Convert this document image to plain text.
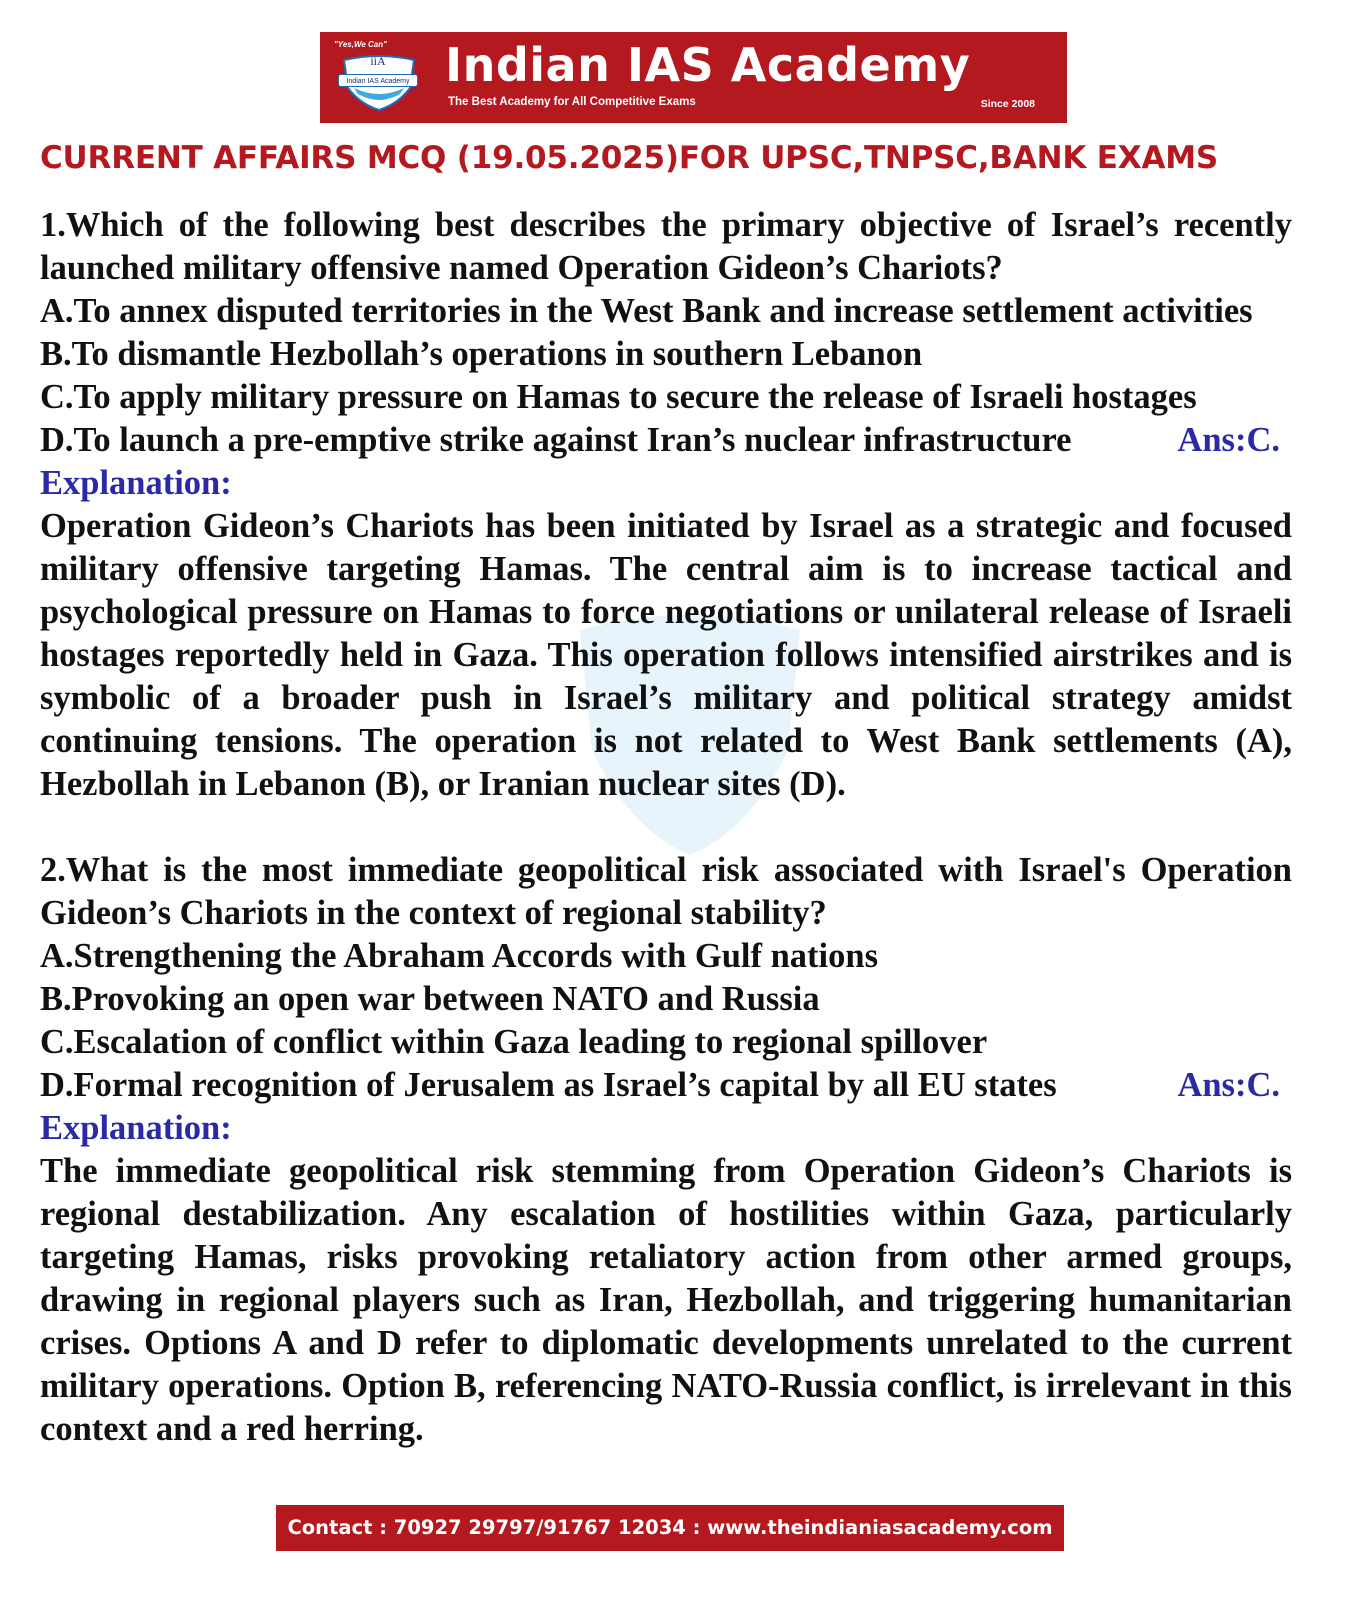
"Yes,We Can"
iiA
Indian IAS Academy Indian IAS Academy
The Best Academy for All Competitive Exams	Since 2008
CURRENT AFFAIRS MCQ (19.05.2025)FOR UPSC,TNPSC,BANK EXAMS
1.Which of the following best describes the primary objective of Israel’s recently launched military offensive named Operation Gideon’s Chariots?
A.To annex disputed territories in the West Bank and increase settlement activities
B.To dismantle Hezbollah’s operations in southern Lebanon
C.To apply military pressure on Hamas to secure the release of Israeli hostages
D.To launch a pre-emptive strike against Iran’s nuclear infrastructure	Ans:C.
Explanation:
Operation Gideon’s Chariots has been initiated by Israel as a strategic and focused military offensive targeting Hamas. The central aim is to increase tactical and psychological pressure on Hamas to force negotiations or unilateral release of Israeli hostages reportedly held in Gaza. This operation follows intensified airstrikes and is symbolic of a broader push in Israel’s military and political strategy amidst continuing tensions. The operation is not related to West Bank settlements (A), Hezbollah in Lebanon (B), or Iranian nuclear sites (D).
2.What is the most immediate geopolitical risk associated with Israel's Operation Gideon’s Chariots in the context of regional stability?
A.Strengthening the Abraham Accords with Gulf nations
B.Provoking an open war between NATO and Russia
C.Escalation of conflict within Gaza leading to regional spillover
D.Formal recognition of Jerusalem as Israel’s capital by all EU states	Ans:C.
Explanation:
The immediate geopolitical risk stemming from Operation Gideon’s Chariots is regional destabilization. Any escalation of hostilities within Gaza, particularly targeting Hamas, risks provoking retaliatory action from other armed groups, drawing in regional players such as Iran, Hezbollah, and triggering humanitarian crises. Options A and D refer to diplomatic developments unrelated to the current military operations. Option B, referencing NATO-Russia conflict, is irrelevant in this context and a red herring.
Contact : 70927 29797/91767 12034 : www.theindianiasacademy.com
